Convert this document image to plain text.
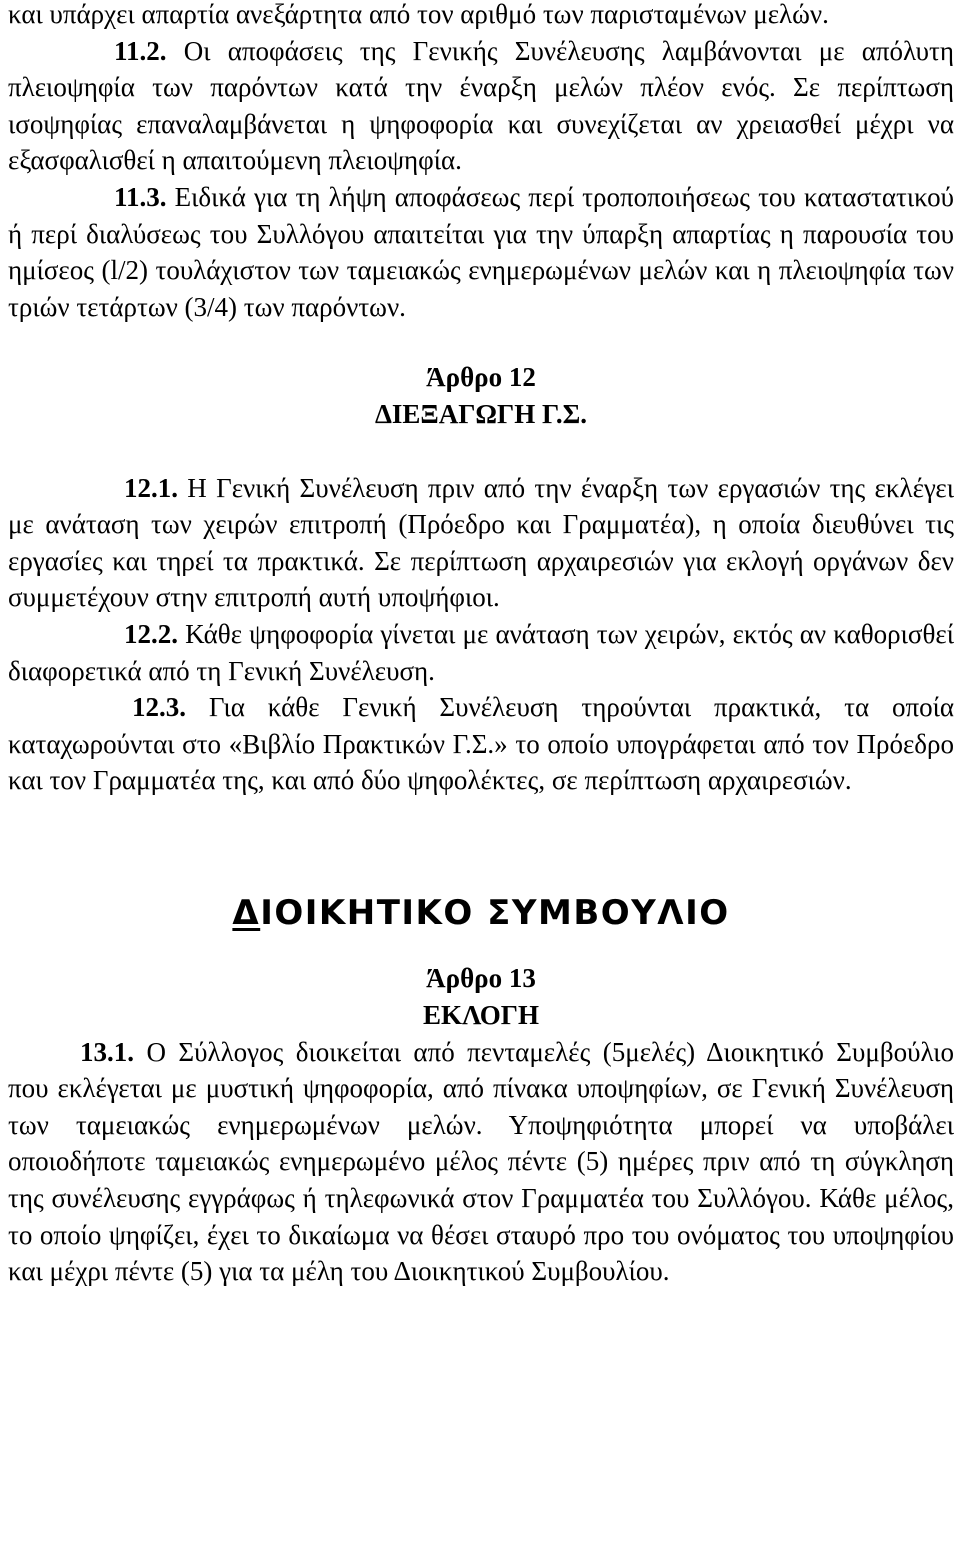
και υπάρχει απαρτία ανεξάρτητα από τον αριθμό των παρισταμένων μελών.

11.2. Οι αποφάσεις της Γενικής Συνέλευσης λαμβάνονται με απόλυτη πλειοψηφία των παρόντων κατά την έναρξη μελών πλέον ενός. Σε περίπτωση ισοψηφίας επαναλαμβάνεται η ψηφοφορία και συνεχίζεται αν χρειασθεί μέχρι να εξασφαλισθεί η απαιτούμενη πλειοψηφία.

11.3. Ειδικά για τη λήψη αποφάσεως περί τροποποιήσεως του καταστατικού ή περί διαλύσεως του Συλλόγου απαιτείται για την ύπαρξη απαρτίας η παρουσία του ημίσεος (l/2) τουλάχιστον των ταμειακώς ενημερωμένων μελών και η πλειοψηφία των τριών τετάρτων (3/4) των παρόντων.

Άρθρο 12

ΔΙΕΞΑΓΩΓΗ Γ.Σ.

12.1. Η Γενική Συνέλευση πριν από την έναρξη των εργασιών της εκλέγει με ανάταση των χειρών επιτροπή (Πρόεδρο και Γραμματέα), η οποία διευθύνει τις εργασίες και τηρεί τα πρακτικά. Σε περίπτωση αρχαιρεσιών για εκλογή οργάνων δεν συμμετέχουν στην επιτροπή αυτή υποψήφιοι.

12.2. Κάθε ψηφοφορία γίνεται με ανάταση των χειρών, εκτός αν καθορισθεί διαφορετικά από τη Γενική Συνέλευση.

12.3. Για κάθε Γενική Συνέλευση τηρούνται πρακτικά, τα οποία καταχωρούνται στο «Βιβλίο Πρακτικών Γ.Σ.» το οποίο υπογράφεται από τον Πρόεδρο και τον Γραμματέα της, και από δύο ψηφολέκτες, σε περίπτωση αρχαιρεσιών.

ΔΙΟΙΚΗΤΙΚΟ ΣΥΜΒΟΥΛΙΟ

Άρθρο 13

ΕΚΛΟΓΗ

13.1. Ο Σύλλογος διοικείται από πενταμελές (5μελές) Διοικητικό Συμβούλιο που εκλέγεται με μυστική ψηφοφορία, από πίνακα υποψηφίων, σε Γενική Συνέλευση των ταμειακώς ενημερωμένων μελών. Υποψηφιότητα μπορεί να υποβάλει οποιοδήποτε ταμειακώς ενημερωμένο μέλος πέντε (5) ημέρες πριν από τη σύγκληση της συνέλευσης εγγράφως ή τηλεφωνικά στον Γραμματέα του Συλλόγου. Κάθε μέλος, το οποίο ψηφίζει, έχει το δικαίωμα να θέσει σταυρό προ του ονόματος του υποψηφίου και μέχρι πέντε (5) για τα μέλη του Διοικητικού Συμβουλίου.
